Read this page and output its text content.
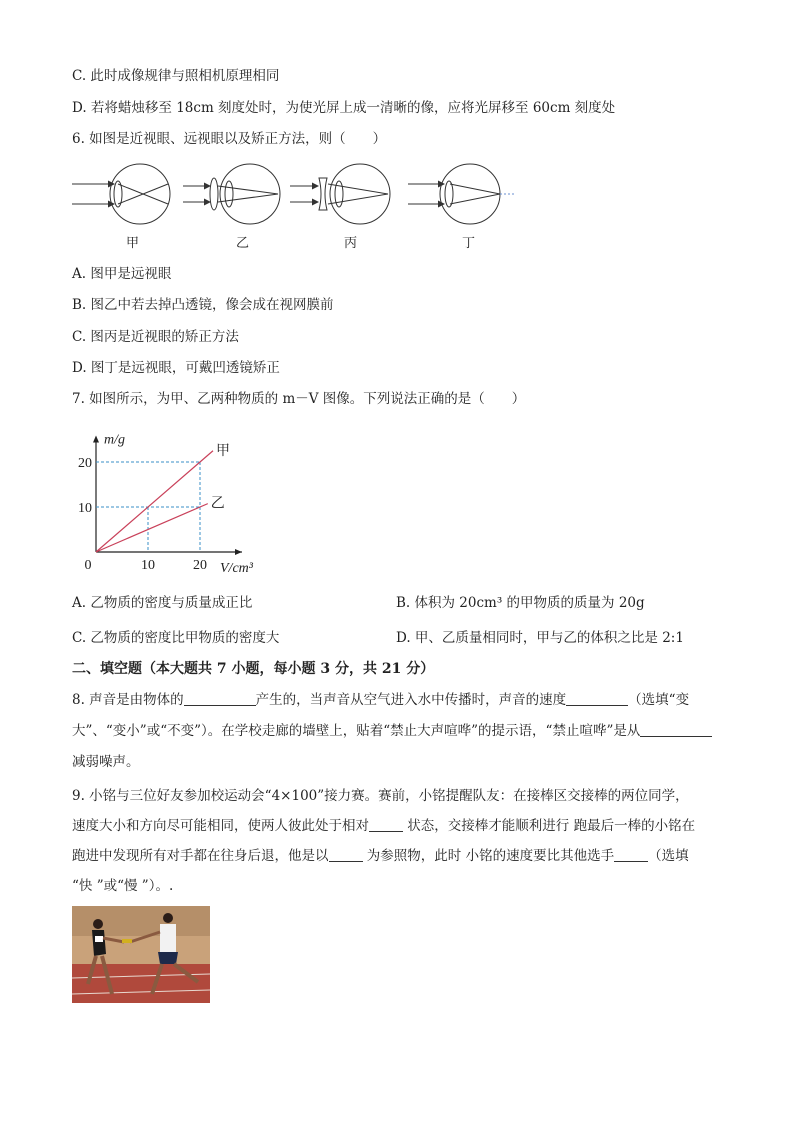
C. 此时成像规律与照相机原理相同
D. 若将蜡烛移至 18cm 刻度处时，为使光屏上成一清晰的像，应将光屏移至 60cm 刻度处
6. 如图是近视眼、远视眼以及矫正方法，则（　　）
甲	乙	丙	丁
A. 图甲是远视眼
B. 图乙中若去掉凸透镜，像会成在视网膜前
C. 图丙是近视眼的矫正方法
D. 图丁是远视眼，可戴凹透镜矫正
7. 如图所示，为甲、乙两种物质的 m－V 图像。下列说法正确的是（　　）
甲
乙
10
20
0	10	20
m/g
V/cm³
A. 乙物质的密度与质量成正比	B. 体积为 20cm³ 的甲物质的质量为 20g
C. 乙物质的密度比甲物质的密度大	D. 甲、乙质量相同时，甲与乙的体积之比是 2:1
二、填空题（本大题共 7 小题，每小题 3 分，共 21 分）
8. 声音是由物体的	产生的，当声音从空气进入水中传播时，声音的速度	（选填“变
大”、“变小”或“不变”）。在学校走廊的墙壁上，贴着“禁止大声喧哗”的提示语，“禁止喧哗”是从
减弱噪声。
9. 小铭与三位好友参加校运动会“4×100”接力赛。赛前，小铭提醒队友：在接棒区交接棒的两位同学，
速度大小和方向尽可能相同，使两人彼此处于相对	状态，交接棒才能顺利进行 跑最后一棒的小铭在
跑进中发现所有对手都在往身后退，他是以	为参照物，此时 小铭的速度要比其他选手	（选填
“快 ”或“慢 ”）。.
